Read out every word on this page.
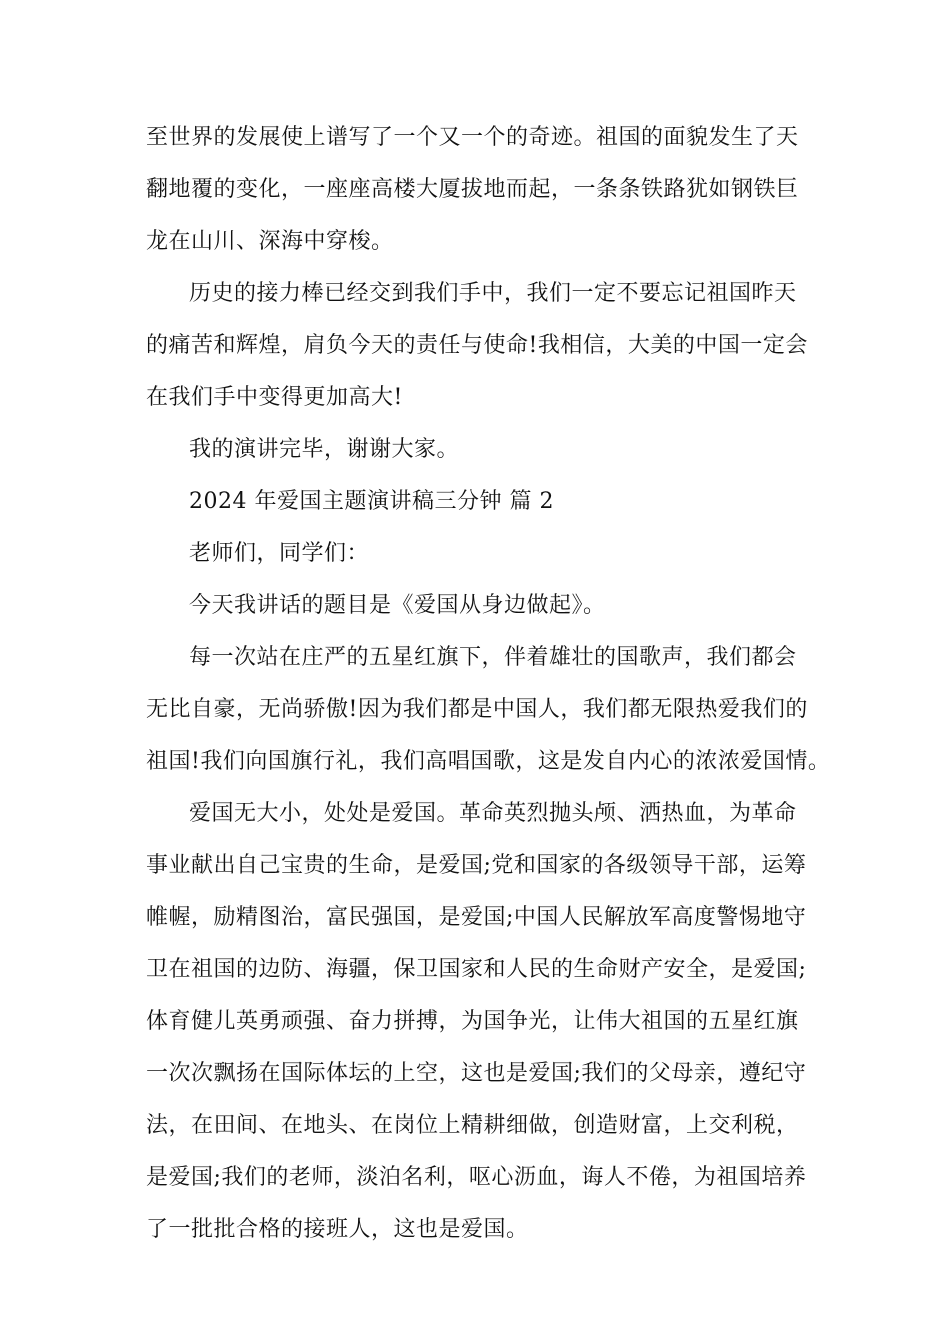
至世界的发展使上谱写了一个又一个的奇迹。祖国的面貌发生了天
翻地覆的变化，一座座高楼大厦拔地而起，一条条铁路犹如钢铁巨
龙在山川、深海中穿梭。
历史的接力棒已经交到我们手中，我们一定不要忘记祖国昨天
的痛苦和辉煌，肩负今天的责任与使命!我相信，大美的中国一定会
在我们手中变得更加高大!
我的演讲完毕，谢谢大家。
2024 年爱国主题演讲稿三分钟 篇 2
老师们，同学们：
今天我讲话的题目是《爱国从身边做起》。
每一次站在庄严的五星红旗下，伴着雄壮的国歌声，我们都会
无比自豪，无尚骄傲!因为我们都是中国人，我们都无限热爱我们的
祖国!我们向国旗行礼，我们高唱国歌，这是发自内心的浓浓爱国情。
爱国无大小，处处是爱国。革命英烈抛头颅、洒热血，为革命
事业献出自己宝贵的生命，是爱国;党和国家的各级领导干部，运筹
帷幄，励精图治，富民强国，是爱国;中国人民解放军高度警惕地守
卫在祖国的边防、海疆，保卫国家和人民的生命财产安全，是爱国;
体育健儿英勇顽强、奋力拼搏，为国争光，让伟大祖国的五星红旗
一次次飘扬在国际体坛的上空，这也是爱国;我们的父母亲，遵纪守
法，在田间、在地头、在岗位上精耕细做，创造财富，上交利税，
是爱国;我们的老师，淡泊名利，呕心沥血，诲人不倦，为祖国培养
了一批批合格的接班人，这也是爱国。
